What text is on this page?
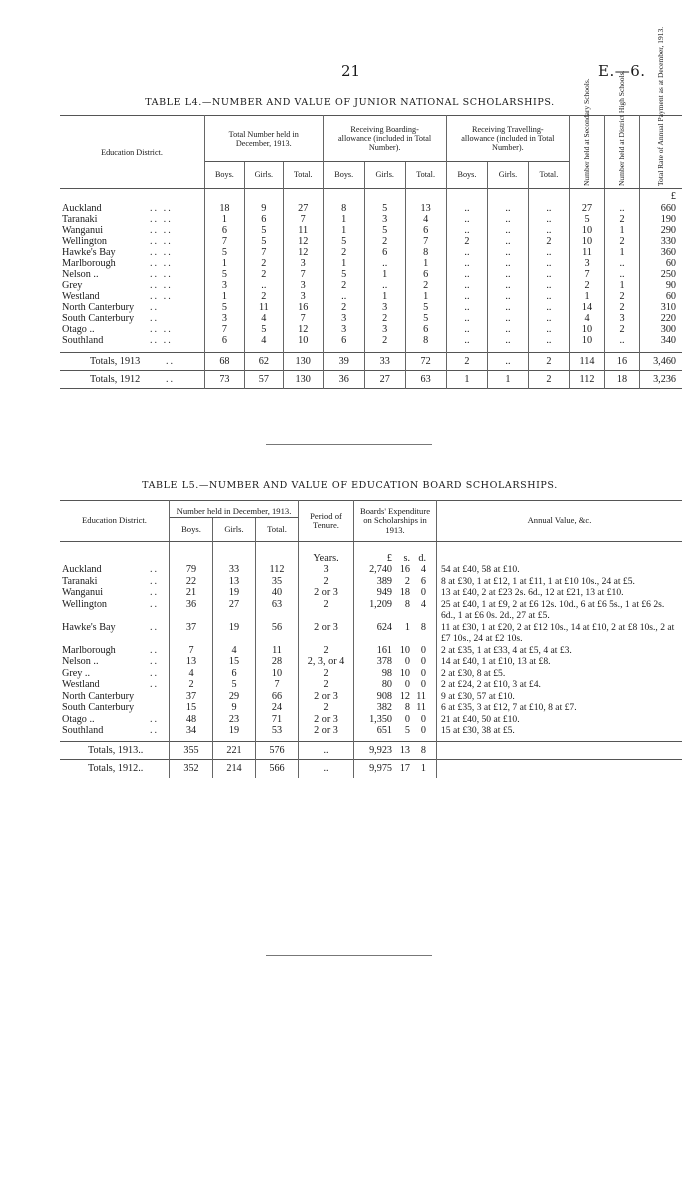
21	E.—6.
TABLE L4.—NUMBER AND VALUE OF JUNIOR NATIONAL SCHOLARSHIPS.
Education District.	Total Number held in December, 1913.			Receiving Boarding-allowance (included in Total Number).			Receiving Travelling-allowance (included in Total Number).			Number held at Secondary Schools.	Number held at District High Schools.	Total Rate of Annual Payment as at December, 1913.
	Boys.	Girls.	Total.	Boys.	Girls.	Total.	Boys.	Girls.	Total.			
												£
Auckland .. ..	18	9	27	8	5	13	..	..	..	27	..	660
Taranaki .. ..	1	6	7	1	3	4	..	..	..	5	2	190
Wanganui .. ..	6	5	11	1	5	6	..	..	..	10	1	290
Wellington .. ..	7	5	12	5	2	7	2	..	2	10	2	330
Hawke's Bay .. ..	5	7	12	2	6	8	..	..	..	11	1	360
Marlborough .. ..	1	2	3	1	..	1	..	..	..	3	..	60
Nelson .. .. ..	5	2	7	5	1	6	..	..	..	7	..	250
Grey .. ..	3	..	3	2	..	2	..	..	..	2	1	90
Westland .. ..	1	2	3	..	1	1	..	..	..	1	2	60
North Canterbury ..	5	11	16	2	3	5	..	..	..	14	2	310
South Canterbury ..	3	4	7	3	2	5	..	..	..	4	3	220
Otago .. .. ..	7	5	12	3	3	6	..	..	..	10	2	300
Southland .. ..	6	4	10	6	2	8	..	..	..	10	..	340

Totals, 1913 ..	68	62	130	39	33	72	2	..	2	114	16	3,460
Totals, 1912 ..	73	57	130	36	27	63	1	1	2	112	18	3,236
TABLE L5.—NUMBER AND VALUE OF EDUCATION BOARD SCHOLARSHIPS.
Education District.	Number held in December, 1913.			Period of Tenure.	Boards' Expenditure on Scholarships in 1913.	Annual Value, &c.
	Boys.	Girls.	Total.			
				Years.	£ s. d.	
Auckland ..	79	33	112	3	2,740 16 4	54 at £40, 58 at £10.
Taranaki ..	22	13	35	2	389 2 6	8 at £30, 1 at £12, 1 at £11, 1 at £10 10s., 24 at £5.
Wanganui ..	21	19	40	2 or 3	949 18 0	13 at £40, 2 at £23 2s. 6d., 12 at £21, 13 at £10.
Wellington ..	36	27	63	2	1,209 8 4	25 at £40, 1 at £9, 2 at £6 12s. 10d., 6 at £6 5s., 1 at £6 2s. 6d., 1 at £6 0s. 2d., 27 at £5.
Hawke's Bay ..	37	19	56	2 or 3	624 1 8	11 at £30, 1 at £20, 2 at £12 10s., 14 at £10, 2 at £8 10s., 2 at £7 10s., 24 at £2 10s.
Marlborough ..	7	4	11	2	161 10 0	2 at £35, 1 at £33, 4 at £5, 4 at £3.
Nelson .. ..	13	15	28	2, 3, or 4	378 0 0	14 at £40, 1 at £10, 13 at £8.
Grey .. ..	4	6	10	2	98 10 0	2 at £30, 8 at £5.
Westland ..	2	5	7	2	80 0 0	2 at £24, 2 at £10, 3 at £4.
North Canterbury	37	29	66	2 or 3	908 12 11	9 at £30, 57 at £10.
South Canterbury	15	9	24	2	382 8 11	6 at £35, 3 at £12, 7 at £10, 8 at £7.
Otago .. ..	48	23	71	2 or 3	1,350 0 0	21 at £40, 50 at £10.
Southland ..	34	19	53	2 or 3	651 5 0	15 at £30, 38 at £5.

Totals, 1913..	355	221	576	..	9,923 13 8	
Totals, 1912..	352	214	566	..	9,975 17 1	
